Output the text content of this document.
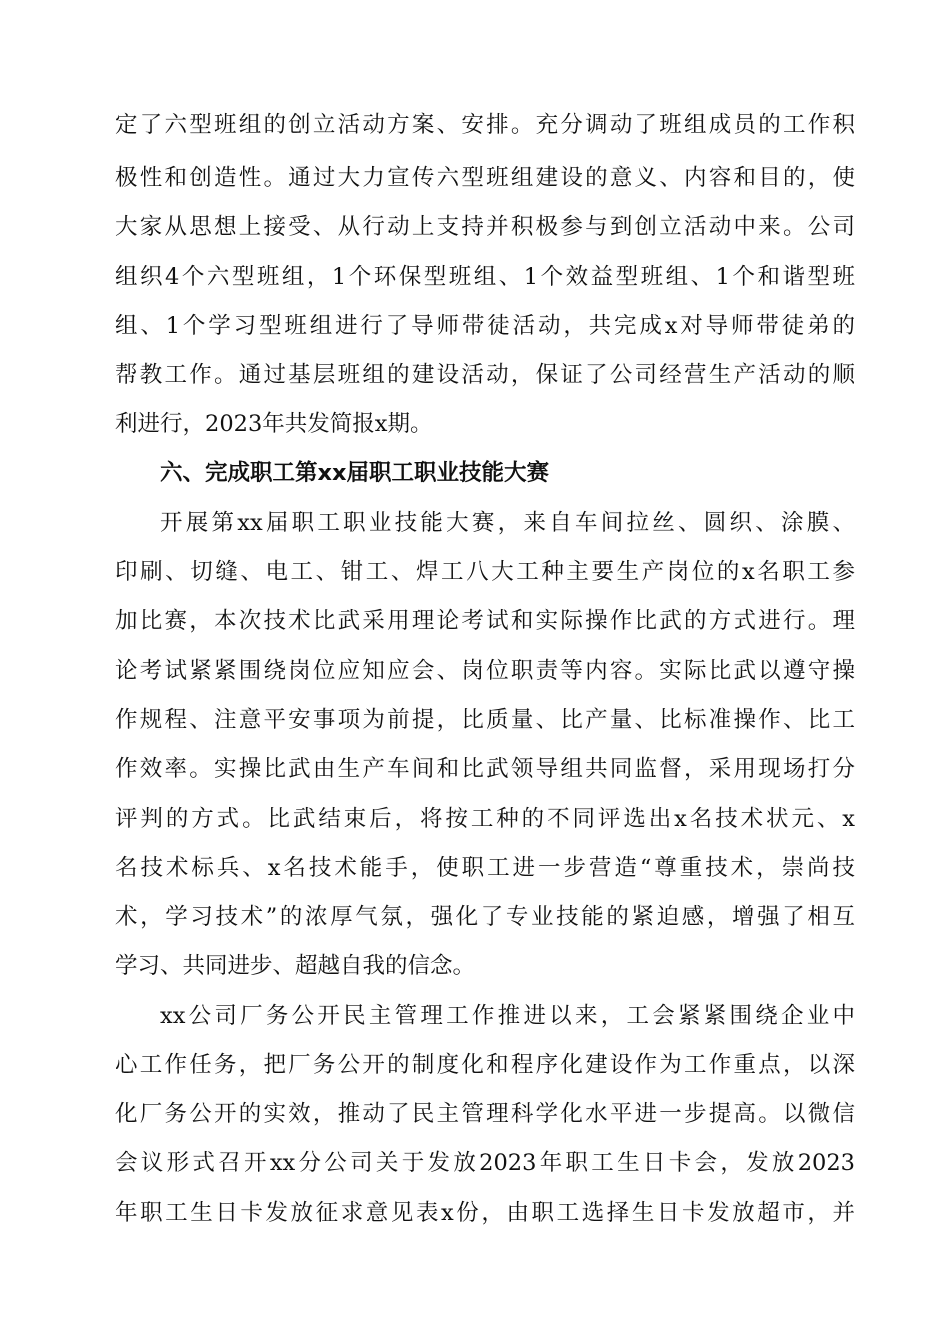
定了六型班组的创立活动方案、安排。充分调动了班组成员的工作积
极性和创造性。通过大力宣传六型班组建设的意义、内容和目的，使
大家从思想上接受、从行动上支持并积极参与到创立活动中来。公司
组织4个六型班组，1个环保型班组、1个效益型班组、1个和谐型班
组、1个学习型班组进行了导师带徒活动，共完成x对导师带徒弟的
帮教工作。通过基层班组的建设活动，保证了公司经营生产活动的顺
利进行，2023年共发简报x期。
六、完成职工第xx届职工职业技能大赛
开展第xx届职工职业技能大赛，来自车间拉丝、圆织、涂膜、
印刷、切缝、电工、钳工、焊工八大工种主要生产岗位的x名职工参
加比赛，本次技术比武采用理论考试和实际操作比武的方式进行。理
论考试紧紧围绕岗位应知应会、岗位职责等内容。实际比武以遵守操
作规程、注意平安事项为前提，比质量、比产量、比标准操作、比工
作效率。实操比武由生产车间和比武领导组共同监督，采用现场打分
评判的方式。比武结束后，将按工种的不同评选出x名技术状元、x
名技术标兵、x名技术能手，使职工进一步营造“尊重技术，崇尚技
术，学习技术”的浓厚气氛，强化了专业技能的紧迫感，增强了相互
学习、共同进步、超越自我的信念。
xx公司厂务公开民主管理工作推进以来，工会紧紧围绕企业中
心工作任务，把厂务公开的制度化和程序化建设作为工作重点，以深
化厂务公开的实效，推动了民主管理科学化水平进一步提高。以微信
会议形式召开xx分公司关于发放2023年职工生日卡会，发放2023
年职工生日卡发放征求意见表x份，由职工选择生日卡发放超市，并
